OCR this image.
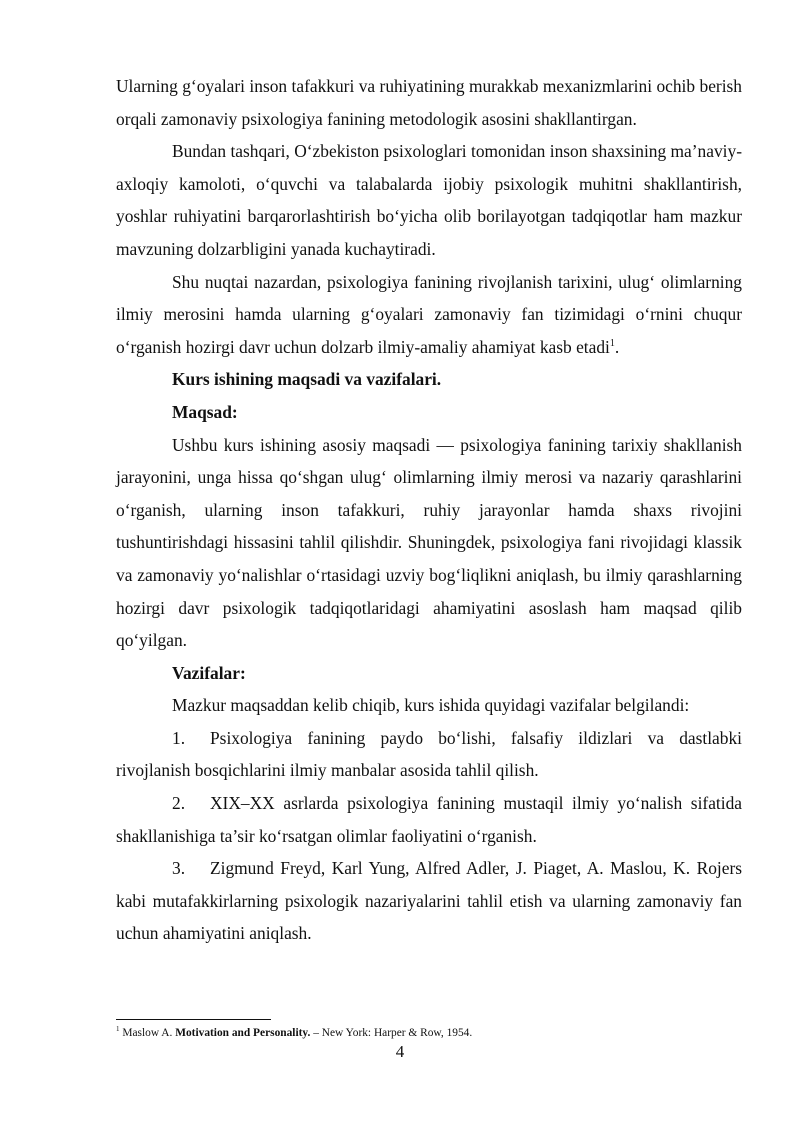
Ularning g‘oyalari inson tafakkuri va ruhiyatining murakkab mexanizmlarini ochib berish orqali zamonaviy psixologiya fanining metodologik asosini shakllantirgan.

Bundan tashqari, O‘zbekiston psixologlari tomonidan inson shaxsining ma’naviy-axloqiy kamoloti, o‘quvchi va talabalarda ijobiy psixologik muhitni shakllantirish, yoshlar ruhiyatini barqarorlashtirish bo‘yicha olib borilayotgan tadqiqotlar ham mazkur mavzuning dolzarbligini yanada kuchaytiradi.

Shu nuqtai nazardan, psixologiya fanining rivojlanish tarixini, ulug‘ olimlarning ilmiy merosini hamda ularning g‘oyalari zamonaviy fan tizimidagi o‘rnini chuqur o‘rganish hozirgi davr uchun dolzarb ilmiy-amaliy ahamiyat kasb etadi$^1$.

Kurs ishining maqsadi va vazifalari.

Maqsad:

Ushbu kurs ishining asosiy maqsadi — psixologiya fanining tarixiy shakllanish jarayonini, unga hissa qo‘shgan ulug‘ olimlarning ilmiy merosi va nazariy qarashlarini o‘rganish, ularning inson tafakkuri, ruhiy jarayonlar hamda shaxs rivojini tushuntirishdagi hissasini tahlil qilishdir. Shuningdek, psixologiya fani rivojidagi klassik va zamonaviy yo‘nalishlar o‘rtasidagi uzviy bog‘liqlikni aniqlash, bu ilmiy qarashlarning hozirgi davr psixologik tadqiqotlaridagi ahamiyatini asoslash ham maqsad qilib qo‘yilgan.

Vazifalar:

Mazkur maqsaddan kelib chiqib, kurs ishida quyidagi vazifalar belgilandi:

1. Psixologiya fanining paydo bo‘lishi, falsafiy ildizlari va dastlabki rivojlanish bosqichlarini ilmiy manbalar asosida tahlil qilish.

2. XIX–XX asrlarda psixologiya fanining mustaqil ilmiy yo‘nalish sifatida shakllanishiga ta’sir ko‘rsatgan olimlar faoliyatini o‘rganish.

3. Zigmund Freyd, Karl Yung, Alfred Adler, J. Piaget, A. Maslou, K. Rojers kabi mutafakkirlarning psixologik nazariyalarini tahlil etish va ularning zamonaviy fan uchun ahamiyatini aniqlash.

$^1$ Maslow A. Motivation and Personality. – New York: Harper & Row, 1954.
4
